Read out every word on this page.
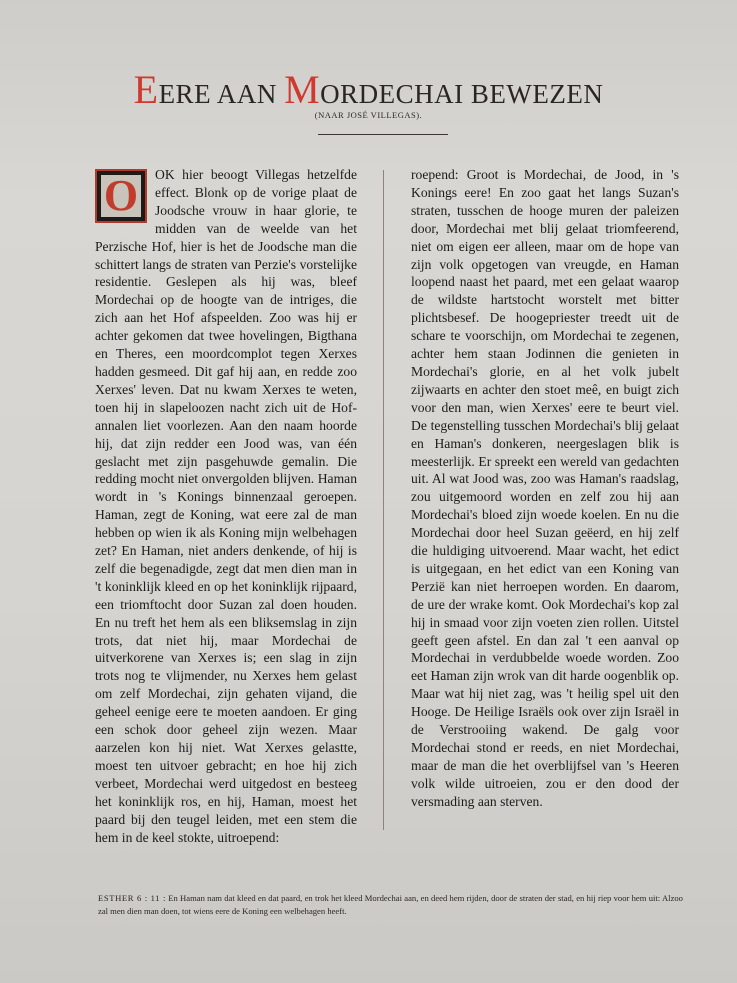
EERE AAN MORDECHAI BEWEZEN
(NAAR JOSÉ VILLEGAS).
O OK hier beoogt Villegas hetzelfde effect. Blonk op de vorige plaat de Joodsche vrouw in haar glorie, te midden van de weelde van het Perzische Hof, hier is het de Joodsche man die schittert langs de straten van Perzie's vorstelijke residentie. Geslepen als hij was, bleef Mordechai op de hoogte van de intriges, die zich aan het Hof afspeelden. Zoo was hij er achter gekomen dat twee hovelingen, Bigthana en Theres, een moordcomplot tegen Xerxes hadden gesmeed. Dit gaf hij aan, en redde zoo Xerxes' leven. Dat nu kwam Xerxes te weten, toen hij in slapeloozen nacht zich uit de Hof-annalen liet voorlezen. Aan den naam hoorde hij, dat zijn redder een Jood was, van één geslacht met zijn pasgehuwde gemalin. Die redding mocht niet onvergolden blijven. Haman wordt in 's Konings binnenzaal geroepen. Haman, zegt de Koning, wat eere zal de man hebben op wien ik als Koning mijn welbehagen zet? En Haman, niet anders denkende, of hij is zelf die begenadigde, zegt dat men dien man in 't koninklijk kleed en op het koninklijk rijpaard, een triomftocht door Suzan zal doen houden. En nu treft het hem als een bliksemslag in zijn trots, dat niet hij, maar Mordechai de uitverkorene van Xerxes is; een slag in zijn trots nog te vlijmender, nu Xerxes hem gelast om zelf Mordechai, zijn gehaten vijand, die geheel eenige eere te moeten aandoen. Er ging een schok door geheel zijn wezen. Maar aarzelen kon hij niet. Wat Xerxes gelastte, moest ten uitvoer gebracht; en hoe hij zich verbeet, Mordechai werd uitgedost en besteeg het koninklijk ros, en hij, Haman, moest het paard bij den teugel leiden, met een stem die hem in de keel stokte, uitroepend:
roepend: Groot is Mordechai, de Jood, in 's Konings eere! En zoo gaat het langs Suzan's straten, tusschen de hooge muren der paleizen door, Mordechai met blij gelaat triomfeerend, niet om eigen eer alleen, maar om de hope van zijn volk opgetogen van vreugde, en Haman loopend naast het paard, met een gelaat waarop de wildste hartstocht worstelt met bitter plichtsbesef. De hoogepriester treedt uit de schare te voorschijn, om Mordechai te zegenen, achter hem staan Jodinnen die genieten in Mordechai's glorie, en al het volk jubelt zijwaarts en achter den stoet meê, en buigt zich voor den man, wien Xerxes' eere te beurt viel. De tegenstelling tusschen Mordechai's blij gelaat en Haman's donkeren, neergeslagen blik is meesterlijk. Er spreekt een wereld van gedachten uit. Al wat Jood was, zoo was Haman's raadslag, zou uitgemoord worden en zelf zou hij aan Mordechai's bloed zijn woede koelen. En nu die Mordechai door heel Suzan geëerd, en hij zelf die huldiging uitvoerend. Maar wacht, het edict is uitgegaan, en het edict van een Koning van Perzië kan niet herroepen worden. En daarom, de ure der wrake komt. Ook Mordechai's kop zal hij in smaad voor zijn voeten zien rollen. Uitstel geeft geen afstel. En dan zal 't een aanval op Mordechai in verdubbelde woede worden. Zoo eet Haman zijn wrok van dit harde oogenblik op. Maar wat hij niet zag, was 't heilig spel uit den Hooge. De Heilige Israëls ook over zijn Israël in de Verstrooiing wakend. De galg voor Mordechai stond er reeds, en niet Mordechai, maar de man die het overblijfsel van 's Heeren volk wilde uitroeien, zou er den dood der versmading aan sterven.
ESTHER 6 : 11 : En Haman nam dat kleed en dat paard, en trok het kleed Mordechai aan, en deed hem rijden, door de straten der stad, en hij riep voor hem uit: Alzoo zal men dien man doen, tot wiens eere de Koning een welbehagen heeft.
